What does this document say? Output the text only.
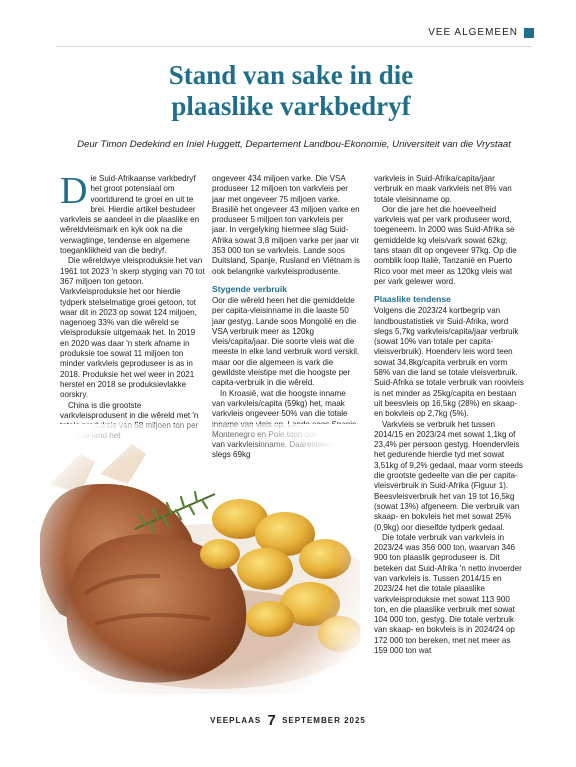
VEE ALGEMEEN
Stand van sake in die
plaaslike varkbedryf
Deur Timon Dedekind en Iniel Huggett, Departement Landbou-Ekonomie, Universiteit van die Vrystaat

Die Suid-Afrikaanse varkbedryf het groot potensiaal om voortdurend te groei en uit te brei. Hierdie artikel bestudeer varkvleis se aandeel in die plaaslike en wêreldvleismark en kyk ook na die verwagtinge, tendense en algemene toeganklikheid van die bedryf.

Die wêreldwye vleisproduksie het van 1961 tot 2023 'n skerp styging van 70 tot 367 miljoen ton getoon. Varkvleisproduksie het oor hierdie tydperk stelselmatige groei getoon, tot waar dit in 2023 op sowat 124 miljoen, nagenoeg 33% van die wêreld se vleisproduksie uitgemaak het. In 2019 en 2020 was daar 'n sterk afname in produksie toe sowat 11 miljoen ton minder varkvleis geproduseer is as in 2018. Produksie het wel weer in 2021 herstel en 2018 se produksievlakke oorskry.

China is die grootste varkvleisprodusent in die wêreld met 'n

ongeveer 434 miljoen varke. Die VSA produseer 12 miljoen ton varkvleis per jaar met ongeveer 75 miljoen varke. Brasilië het ongeveer 43 miljoen varke en produseer 5 miljoen ton varkvleis per jaar. In vergelyking hiermee slag Suid-Afrika sowat 3,8 miljoen varke per jaar vir 353 000 ton se varkvleis. Lande soos Duitsland, Spanje, Rusland en Viëtnam is ook belangrike varkvleisprodusente.

Stygende verbruik

Oor die wêreld heen het die gemiddelde per capita-vleisinname in die laaste 50 jaar gestyg. Lande soos Mongolië en die VSA verbruik meer as 120kg vleis/capita/jaar. Die soorte vleis wat die meeste in elke land verbruik word verskil, maar oor die algemeen is vark die gewildste vleistipe met die hoogste per capita-verbruik in die wêreld.

In Kroasië, wat die hoogste inname van varkvleis/capita (59kg) het, maak varkvleis ongeveer 50% van die totale

varkvleis in Suid-Afrika/capita/jaar verbruik en maak varkvleis net 8% van totale vleisinname op.

Oor die jare het die hoeveelheid varkvleis wat per vark produseer word, toegeneem. In 2000 was Suid-Afrika se gemiddelde kg vleis/vark sowat 62kg; tans staan dit op ongeveer 97kg. Op die oomblik loop Italië, Tanzanië en Puerto Rico voor met meer as 120kg vleis wat per vark gelewer word.

Plaaslike tendense

Volgens die 2023/24 kortbegrip van landboustatistiek vir Suid-Afrika, word slegs 5,7kg varkvleis/capita/jaar verbruik (sowat 10% van totale per capita-vleisverbruik). Hoenderv leis word teen sowat 34,8kg/capita verbruik en vorm 58% van die land se totale vleisverbruik. Suid-Afrika se totale verbruik van rooivleis is net minder as 25kg/capita en bestaan uit beesvleis op 16,5kg (28%) en skaap- en bokvleis op 2,7kg (5%).

Varkvleis se verbruik het tussen 2014/15 en 2023/24 met sowat 1,1kg of 23,4% per persoon gestyg. Hoendervleis het gedurende hierdie tyd met sowat 3,51kg of 9,2% gedaal, maar vorm steeds die grootste gedeelte van die per capita-vleisverbruik in Suid-Afrika (Figuur 1). Beesvleisverbruik het van 19 tot 16,5kg (sowat 13%) afgeneem. Die verbruik van skaap- en bokvleis het met sowat 25% (0,9kg) oor dieselfde tydperk gedaal.

Die totale verbruik van varkvleis in 2023/24 was 356 000 ton, waarvan 346 900 ton plaaslik geproduseer is. Dit beteken dat Suid-Afrika 'n netto invoerder van varkvleis is. Tussen 2014/15 en 2023/24 het die totale plaaslike varkvleisproduksie met sowat 113 900 ton, en die plaaslike verbruik met sowat 104 000 ton, gestyg. Die totale verbruik van skaap- en bokvleis is in 2024/24 op 172 000 ton bereken, met net meer as 159 000 ton wat

VEEPLAAS 7 SEPTEMBER 2025
